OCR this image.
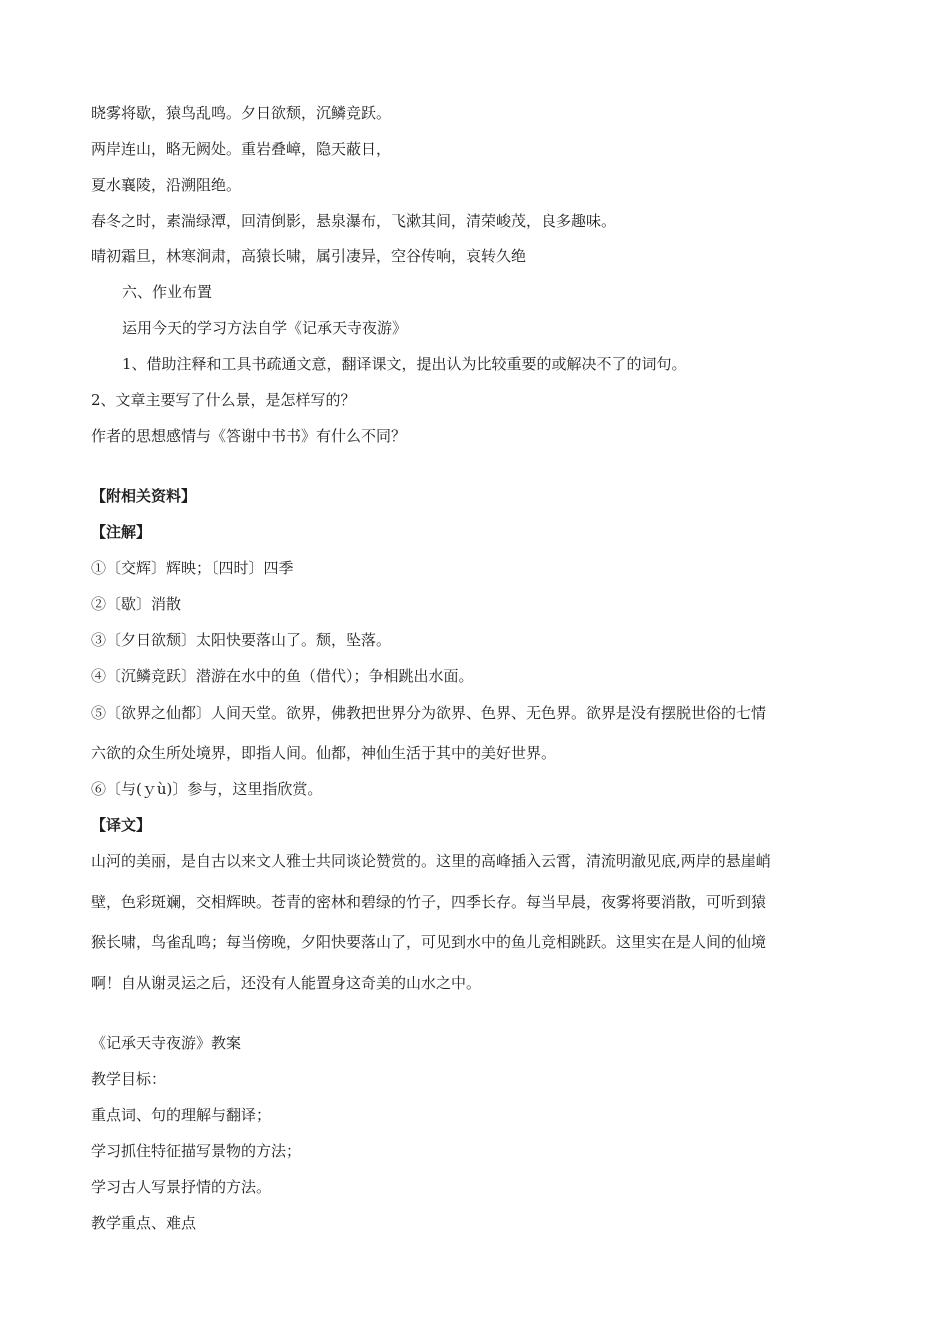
晓雾将歇，猿鸟乱鸣。夕日欲颓，沉鳞竞跃。
两岸连山，略无阙处。重岩叠嶂，隐天蔽日，
夏水襄陵，沿溯阻绝。
春冬之时，素湍绿潭，回清倒影，悬泉瀑布，飞漱其间，清荣峻茂，良多趣味。
晴初霜旦，林寒涧肃，高猿长啸，属引凄异，空谷传响，哀转久绝
六、作业布置
运用今天的学习方法自学《记承天寺夜游》
1、借助注释和工具书疏通文意，翻译课文，提出认为比较重要的或解决不了的词句。
2、文章主要写了什么景，是怎样写的？
作者的思想感情与《答谢中书书》有什么不同？
【附相关资料】
【注解】
①〔交辉〕辉映；〔四时〕四季
②〔歇〕消散
③〔夕日欲颓〕太阳快要落山了。颓，坠落。
④〔沉鳞竞跃〕潜游在水中的鱼（借代）；争相跳出水面。
⑤〔欲界之仙都〕人间天堂。欲界，佛教把世界分为欲界、色界、无色界。欲界是没有摆脱世俗的七情
六欲的众生所处境界，即指人间。仙都，神仙生活于其中的美好世界。
⑥〔与(ｙù)〕参与，这里指欣赏。
【译文】
山河的美丽，是自古以来文人雅士共同谈论赞赏的。这里的高峰插入云霄，清流明澈见底,两岸的悬崖峭
壁，色彩斑斓，交相辉映。苍青的密林和碧绿的竹子，四季长存。每当早晨，夜雾将要消散，可听到猿
猴长啸，鸟雀乱鸣；每当傍晚，夕阳快要落山了，可见到水中的鱼儿竞相跳跃。这里实在是人间的仙境
啊！自从谢灵运之后，还没有人能置身这奇美的山水之中。
《记承天寺夜游》教案
教学目标：
重点词、句的理解与翻译；
学习抓住特征描写景物的方法；
学习古人写景抒情的方法。
教学重点、难点
